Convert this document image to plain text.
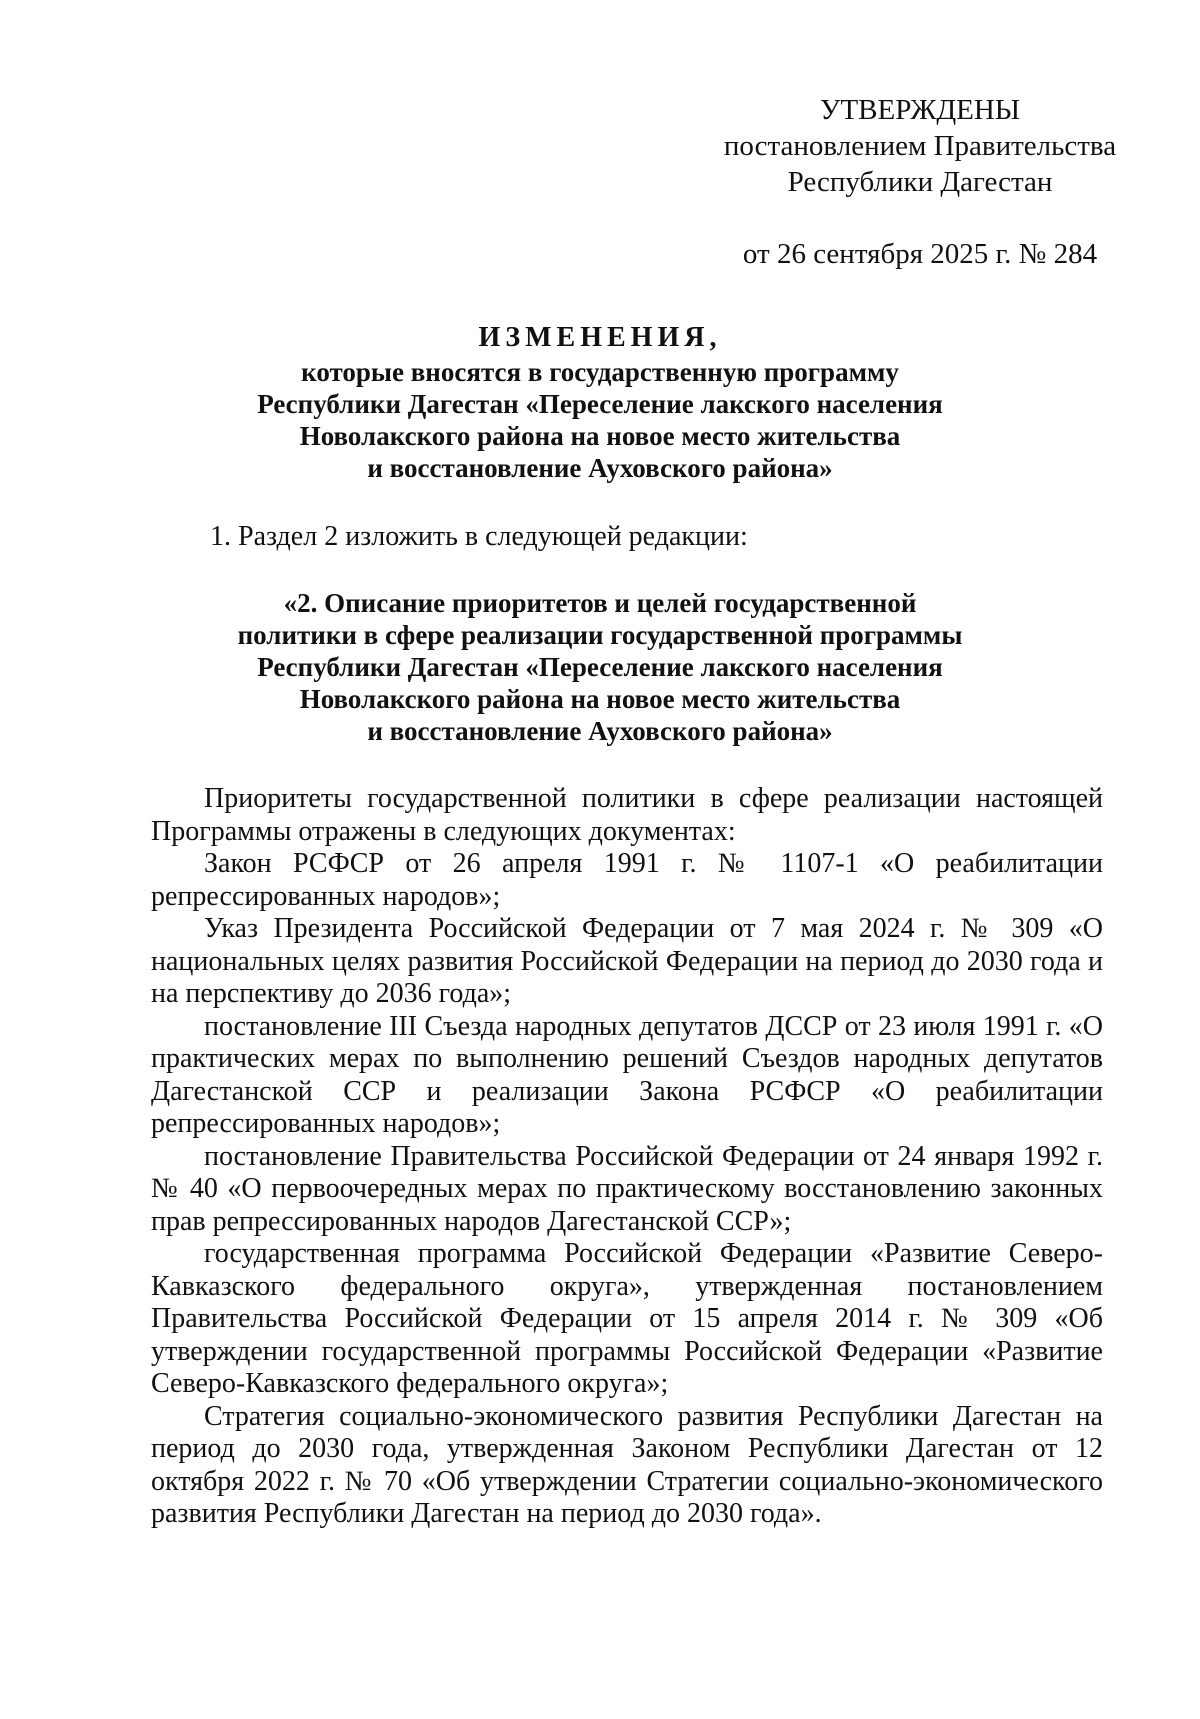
УТВЕРЖДЕНЫ
постановлением Правительства
Республики Дагестан
от 26 сентября 2025 г. № 284
ИЗМЕНЕНИЯ,
которые вносятся в государственную программу
Республики Дагестан «Переселение лакского населения
Новолакского района на новое место жительства
и восстановление Ауховского района»
1. Раздел 2 изложить в следующей редакции:
«2. Описание приоритетов и целей государственной
политики в сфере реализации государственной программы
Республики Дагестан «Переселение лакского населения
Новолакского района на новое место жительства
и восстановление Ауховского района»

Приоритеты государственной политики в сфере реализации настоящей Программы отражены в следующих документах:

Закон РСФСР от 26 апреля 1991 г. № 1107-1 «О реабилитации репрессированных народов»;

Указ Президента Российской Федерации от 7 мая 2024 г. № 309 «О национальных целях развития Российской Федерации на период до 2030 года и на перспективу до 2036 года»;

постановление III Съезда народных депутатов ДССР от 23 июля 1991 г. «О практических мерах по выполнению решений Съездов народных депутатов Дагестанской ССР и реализации Закона РСФСР «О реабилитации репрессированных народов»;

постановление Правительства Российской Федерации от 24 января 1992 г. № 40 «О первоочередных мерах по практическому восстановлению законных прав репрессированных народов Дагестанской ССР»;

государственная программа Российской Федерации «Развитие Северо-Кавказского федерального округа», утвержденная постановлением Правительства Российской Федерации от 15 апреля 2014 г. № 309 «Об утверждении государственной программы Российской Федерации «Развитие Северо-Кавказского федерального округа»;

Стратегия социально-экономического развития Республики Дагестан на период до 2030 года, утвержденная Законом Республики Дагестан от 12 октября 2022 г. № 70 «Об утверждении Стратегии социально-экономического развития Республики Дагестан на период до 2030 года».
